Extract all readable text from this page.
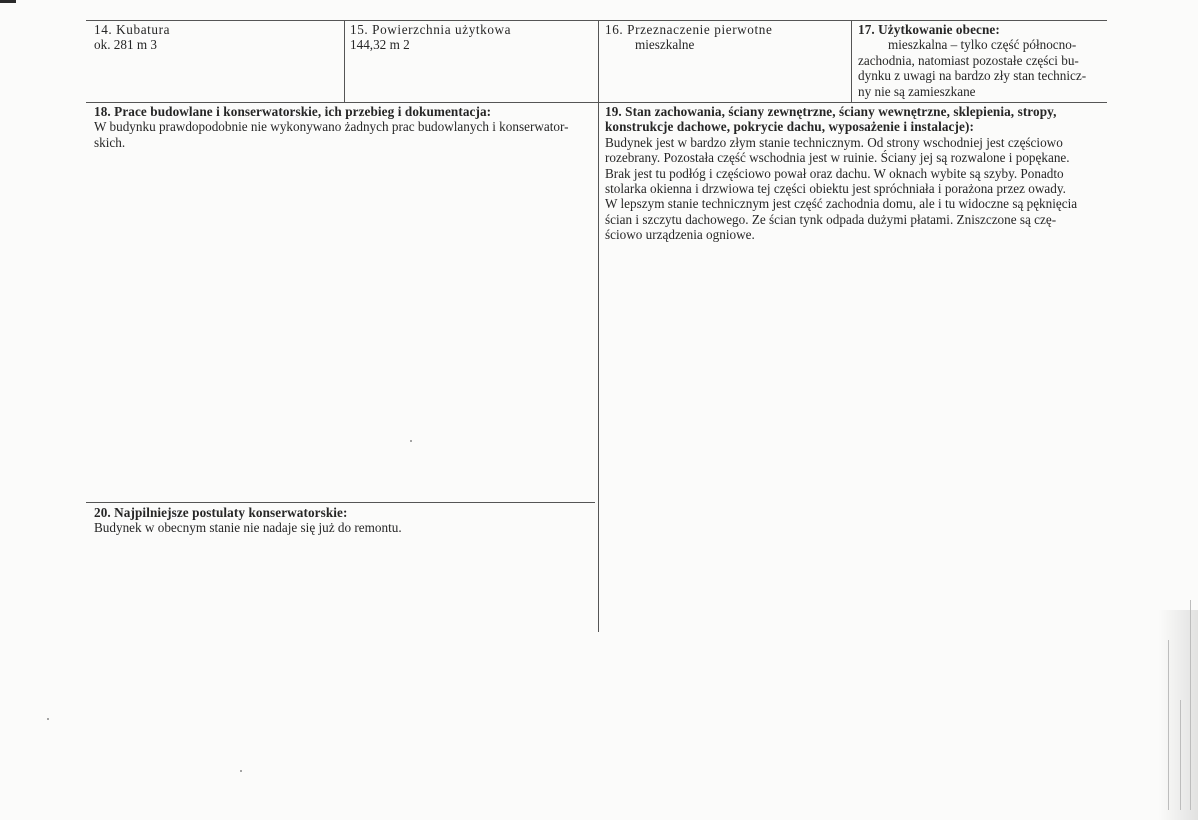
14. Kubatura
ok. 281 m 3
15. Powierzchnia użytkowa
144,32 m 2
16. Przeznaczenie pierwotne
mieszkalne
17. Użytkowanie obecne:
mieszkalna – tylko część północno-
zachodnia, natomiast pozostałe części bu-
dynku z uwagi na bardzo zły stan technicz-
ny nie są zamieszkane
18. Prace budowlane i konserwatorskie, ich przebieg i dokumentacja:
W budynku prawdopodobnie nie wykonywano żadnych prac budowlanych i konserwator-
skich.
19. Stan zachowania, ściany zewnętrzne, ściany wewnętrzne, sklepienia, stropy,
konstrukcje dachowe, pokrycie dachu, wyposażenie i instalacje):
Budynek jest w bardzo złym stanie technicznym. Od strony wschodniej jest częściowo
rozebrany. Pozostała część wschodnia jest w ruinie. Ściany jej są rozwalone i popękane.
Brak jest tu podłóg i częściowo pował oraz dachu. W oknach wybite są szyby. Ponadto
stolarka okienna i drzwiowa tej części obiektu jest spróchniała i porażona przez owady.
W lepszym stanie technicznym jest część zachodnia domu, ale i tu widoczne są pęknięcia
ścian i szczytu dachowego. Ze ścian tynk odpada dużymi płatami. Zniszczone są czę-
ściowo urządzenia ogniowe.
20. Najpilniejsze postulaty konserwatorskie:
Budynek w obecnym stanie nie nadaje się już do remontu.
